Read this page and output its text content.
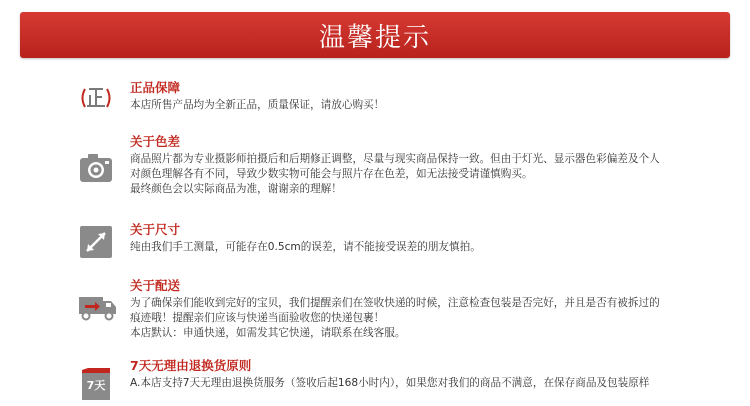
温馨提示
正品保障
本店所售产品均为全新正品，质量保证，请放心购买！
关于色差
商品照片都为专业摄影师拍摄后和后期修正调整，尽量与现实商品保持一致。但由于灯光、显示器色彩偏差及个人
对颜色理解各有不同，导致少数实物可能会与照片存在色差，如无法接受请谨慎购买。
最终颜色会以实际商品为准，谢谢亲的理解！
关于尺寸
纯由我们手工测量，可能存在0.5cm的误差，请不能接受误差的朋友慎拍。
关于配送
为了确保亲们能收到完好的宝贝，我们提醒亲们在签收快递的时候，注意检查包装是否完好，并且是否有被拆过的
痕迹哦！提醒亲们应该与快递当面验收您的快递包裹！
本店默认：申通快递，如需发其它快递，请联系在线客服。
7天
7天无理由退换货原则
A.本店支持7天无理由退换货服务（签收后起168小时内），如果您对我们的商品不满意，在保存商品及包装原样
